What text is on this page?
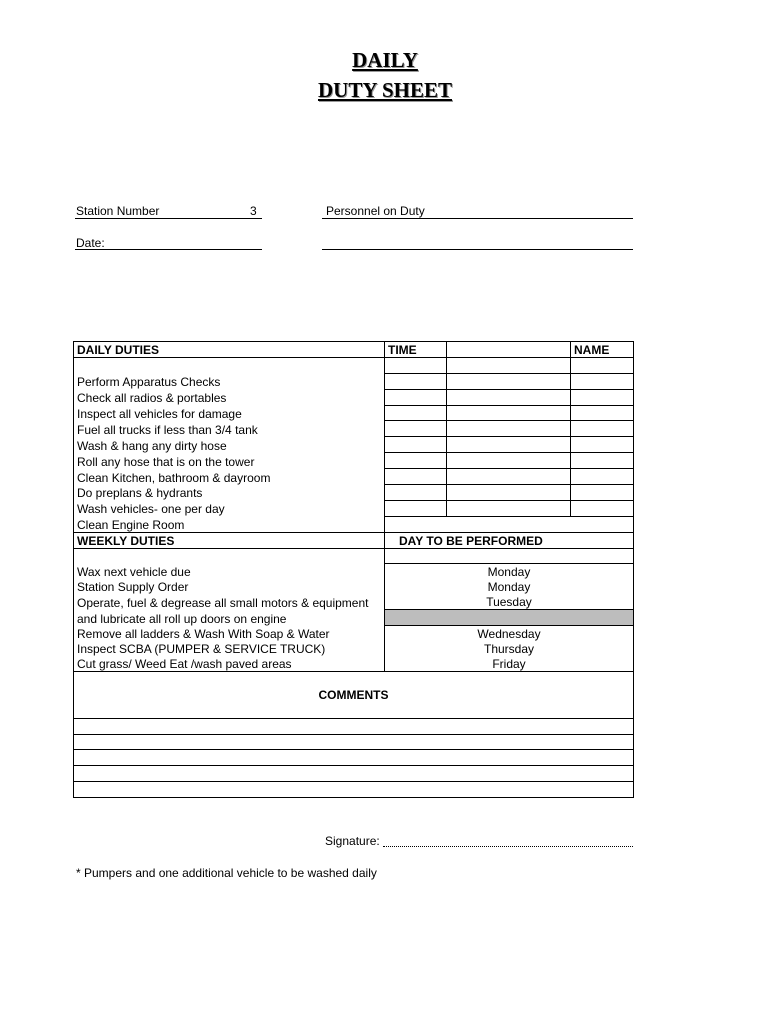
DAILY
DUTY SHEET
Station Number	3	Personnel on Duty
Date:
DAILY DUTIES	TIME		NAME

Perform Apparatus Checks			
Check all radios & portables			
Inspect all vehicles for damage			
Fuel all trucks if less than 3/4 tank			
Wash & hang any dirty hose			
Roll any hose that is on the tower			
Clean Kitchen, bathroom & dayroom			
Do preplans & hydrants			
Wash vehicles- one per day			
Clean Engine Room			
WEEKLY DUTIES	DAY TO BE PERFORMED		

Wax next vehicle due	Monday		
Station Supply Order	Monday		
Operate, fuel & degrease all small motors & equipment	Tuesday		
and lubricate all roll up doors on engine			
Remove all ladders & Wash With Soap & Water	Wednesday		
Inspect SCBA (PUMPER & SERVICE TRUCK)	Thursday		
Cut grass/ Weed Eat /wash paved areas	Friday		
COMMENTS			

Signature:
* Pumpers and one additional vehicle to be washed daily
